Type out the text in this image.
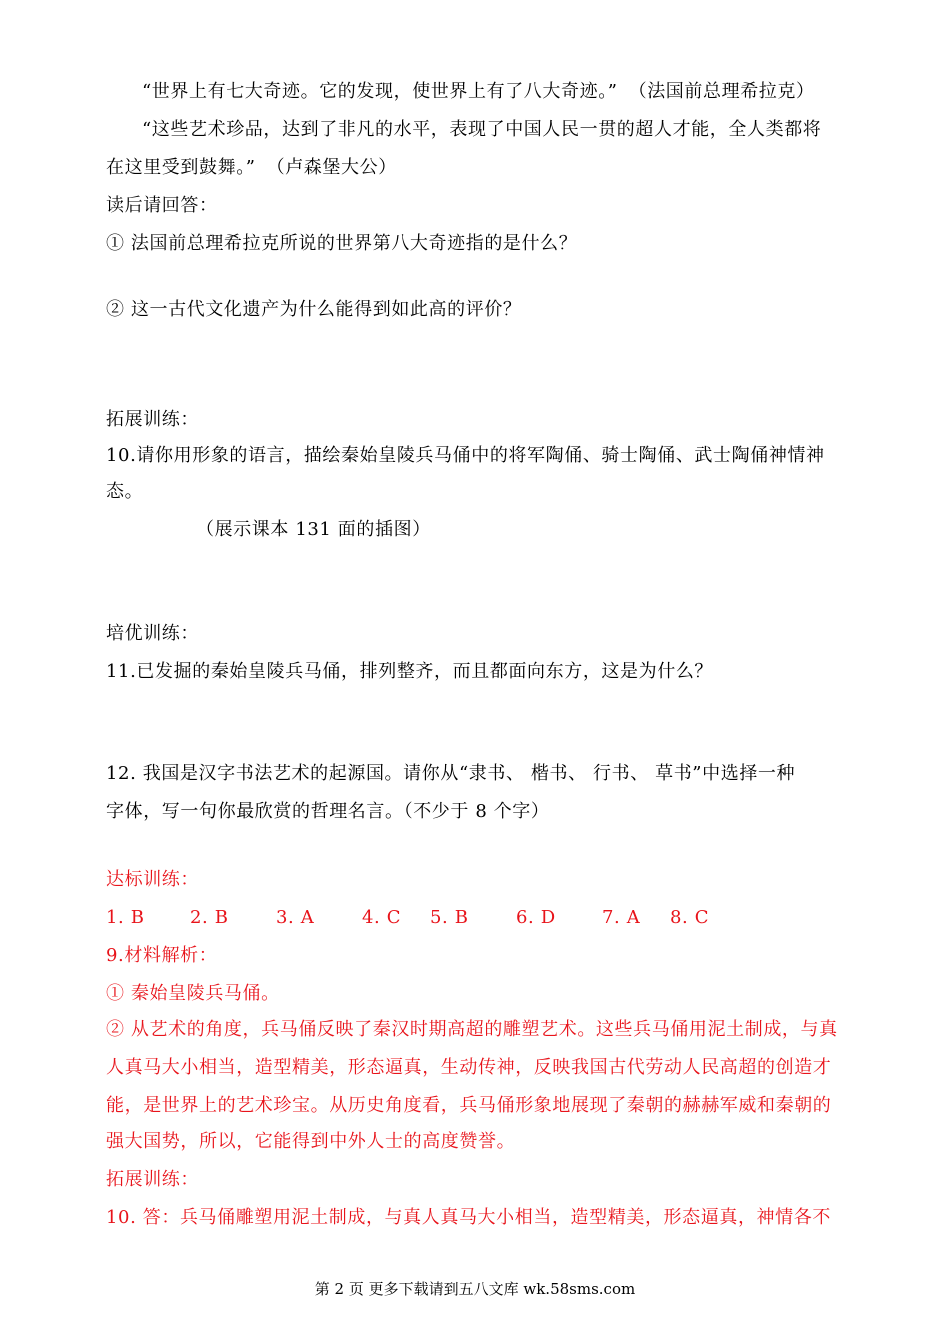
“世界上有七大奇迹。它的发现，使世界上有了八大奇迹。” （法国前总理希拉克）
“这些艺术珍品，达到了非凡的水平，表现了中国人民一贯的超人才能，全人类都将
在这里受到鼓舞。” （卢森堡大公）
读后请回答：
① 法国前总理希拉克所说的世界第八大奇迹指的是什么？
② 这一古代文化遗产为什么能得到如此高的评价？
拓展训练：
10.请你用形象的语言，描绘秦始皇陵兵马俑中的将军陶俑、骑士陶俑、武士陶俑神情神
态。
（展示课本 131 面的插图）
培优训练：
11.已发掘的秦始皇陵兵马俑，排列整齐，而且都面向东方，这是为什么？
12. 我国是汉字书法艺术的起源国。请你从“隶书、 楷书、 行书、 草书”中选择一种
字体，写一句你最欣赏的哲理名言。（不少于 8 个字）
达标训练：
1. B	2. B	3. A	4. C 5. B	6. D	7. A 8. C
9.材料解析：
① 秦始皇陵兵马俑。
② 从艺术的角度，兵马俑反映了秦汉时期高超的雕塑艺术。这些兵马俑用泥土制成，与真
人真马大小相当，造型精美，形态逼真，生动传神，反映我国古代劳动人民高超的创造才
能，是世界上的艺术珍宝。从历史角度看，兵马俑形象地展现了秦朝的赫赫军威和秦朝的
强大国势，所以，它能得到中外人士的高度赞誉。
拓展训练：
10. 答：兵马俑雕塑用泥土制成，与真人真马大小相当，造型精美，形态逼真，神情各不
第 2 页 更多下载请到五八文库 wk.58sms.com
